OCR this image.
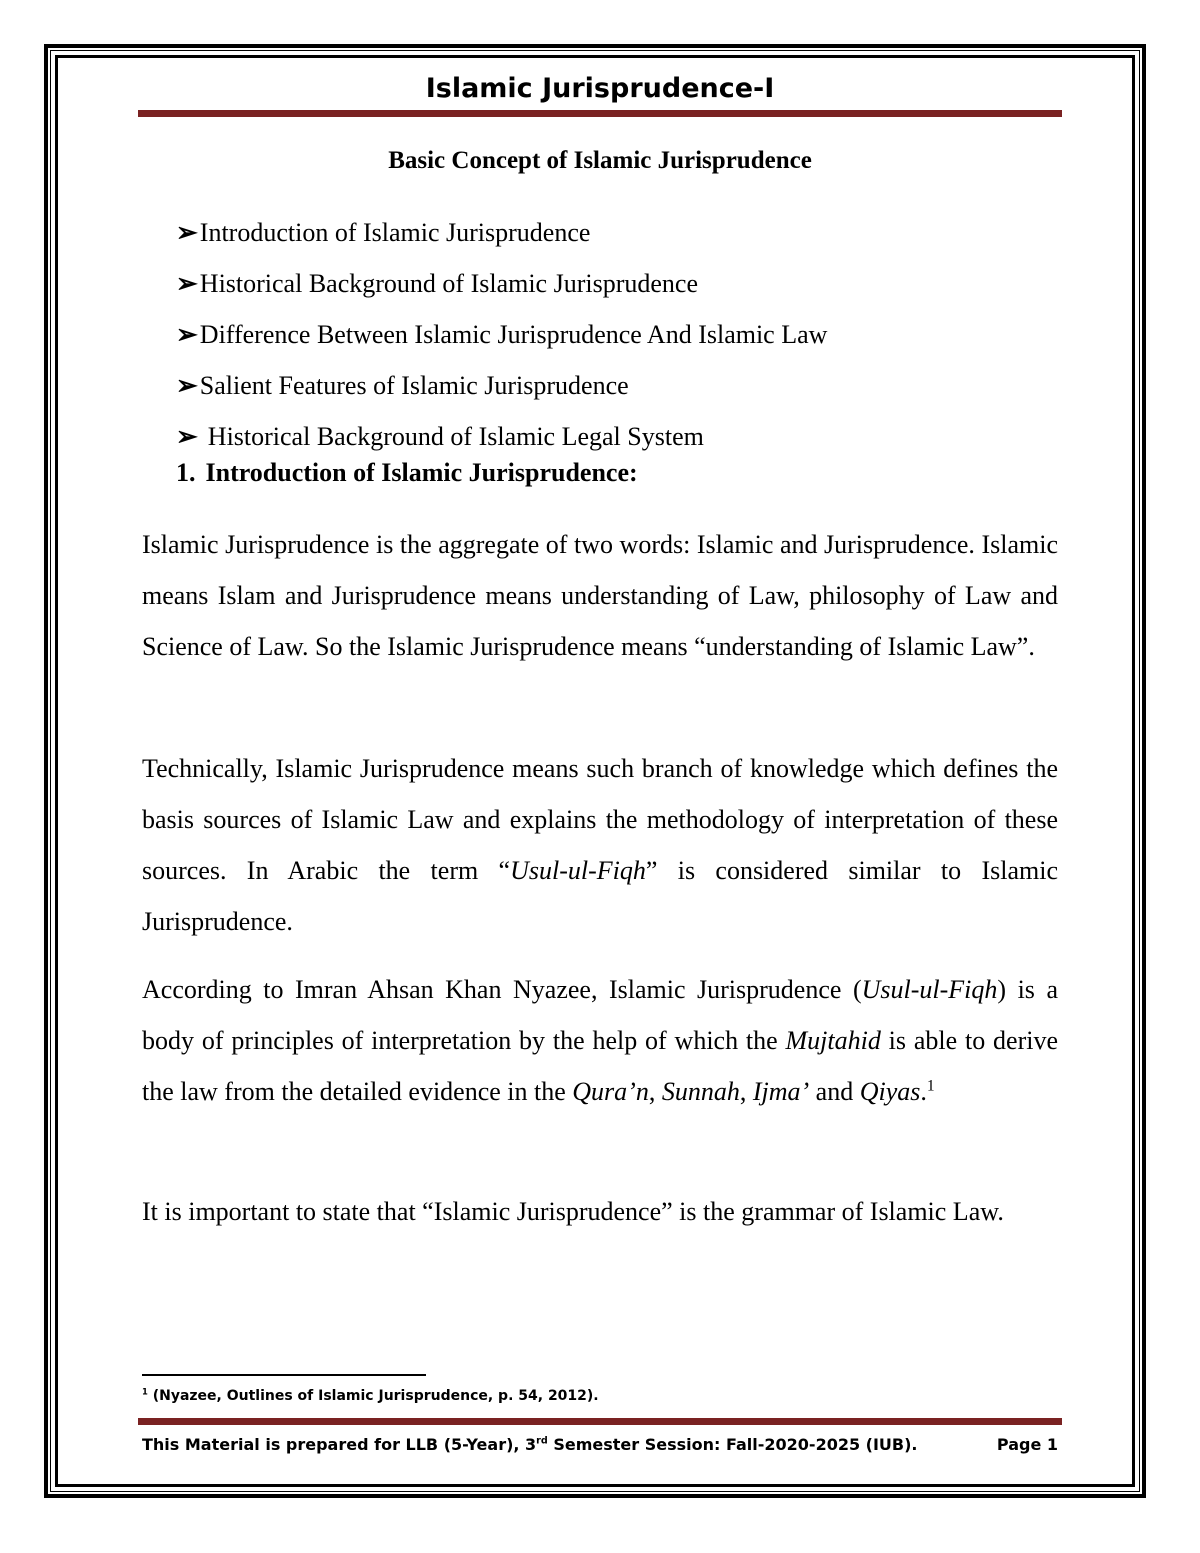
Islamic Jurisprudence-I
Basic Concept of Islamic Jurisprudence
➢Introduction of Islamic Jurisprudence
➢Historical Background of Islamic Jurisprudence
➢Difference Between Islamic Jurisprudence And Islamic Law
➢Salient Features of Islamic Jurisprudence
➢ Historical Background of Islamic Legal System
1. Introduction of Islamic Jurisprudence:

Islamic Jurisprudence is the aggregate of two words: Islamic and Jurisprudence. Islamic means Islam and Jurisprudence means understanding of Law, philosophy of Law and Science of Law. So the Islamic Jurisprudence means “understanding of Islamic Law”.

Technically, Islamic Jurisprudence means such branch of knowledge which defines the basis sources of Islamic Law and explains the methodology of interpretation of these sources. In Arabic the term “Usul-ul-Fiqh” is considered similar to Islamic Jurisprudence.

According to Imran Ahsan Khan Nyazee, Islamic Jurisprudence (Usul-ul-Fiqh) is a body of principles of interpretation by the help of which the Mujtahid is able to derive the law from the detailed evidence in the Qura’n, Sunnah, Ijma’ and Qiyas.$^1$

It is important to state that “Islamic Jurisprudence” is the grammar of Islamic Law.

$^1$ (Nyazee, Outlines of Islamic Jurisprudence, p. 54, 2012).
This Material is prepared for LLB (5-Year), 3rd Semester Session: Fall-2020-2025 (IUB).	Page 1
